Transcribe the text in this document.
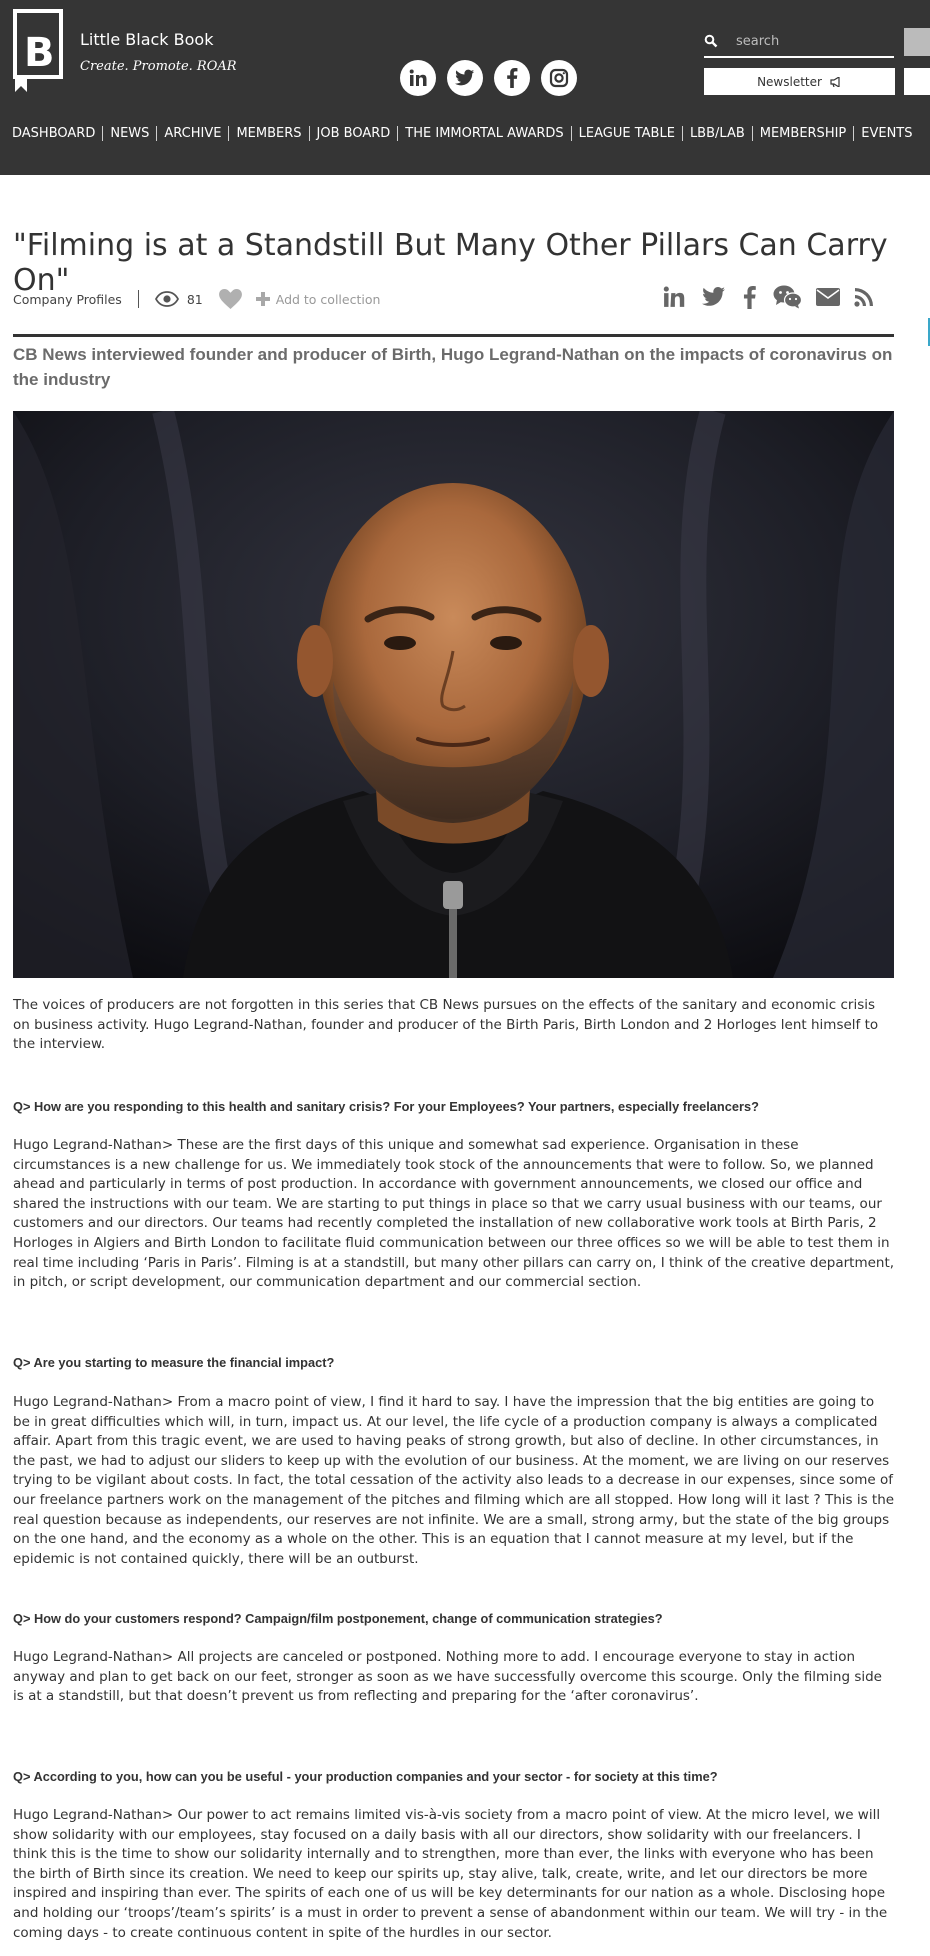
B Little Black Book
Create. Promote. ROAR
search
Newsletter
DASHBOARD	NEWS	ARCHIVE	MEMBERS	JOB BOARD	THE IMMORTAL AWARDS	LEAGUE TABLE	LBB/LAB	MEMBERSHIP	EVENTS
"Filming is at a Standstill But Many Other Pillars Can Carry On"
Company Profiles	81	Add to collection
CB News interviewed founder and producer of Birth, Hugo Legrand-Nathan on the impacts of coronavirus on the industry

The voices of producers are not forgotten in this series that CB News pursues on the effects of the sanitary and economic crisis on business activity. Hugo Legrand-Nathan, founder and producer of the Birth Paris, Birth London and 2 Horloges lent himself to the interview.

Q> How are you responding to this health and sanitary crisis? For your Employees? Your partners, especially freelancers?

Hugo Legrand-Nathan> These are the first days of this unique and somewhat sad experience. Organisation in these circumstances is a new challenge for us. We immediately took stock of the announcements that were to follow. So, we planned ahead and particularly in terms of post production. In accordance with government announcements, we closed our office and shared the instructions with our team. We are starting to put things in place so that we carry usual business with our teams, our customers and our directors. Our teams had recently completed the installation of new collaborative work tools at Birth Paris, 2 Horloges in Algiers and Birth London to facilitate fluid communication between our three offices so we will be able to test them in real time including ‘Paris in Paris’. Filming is at a standstill, but many other pillars can carry on, I think of the creative department, in pitch, or script development, our communication department and our commercial section.

Q> Are you starting to measure the financial impact?

Hugo Legrand-Nathan> From a macro point of view, I find it hard to say. I have the impression that the big entities are going to be in great difficulties which will, in turn, impact us. At our level, the life cycle of a production company is always a complicated affair. Apart from this tragic event, we are used to having peaks of strong growth, but also of decline. In other circumstances, in the past, we had to adjust our sliders to keep up with the evolution of our business. At the moment, we are living on our reserves trying to be vigilant about costs. In fact, the total cessation of the activity also leads to a decrease in our expenses, since some of our freelance partners work on the management of the pitches and filming which are all stopped. How long will it last ? This is the real question because as independents, our reserves are not infinite. We are a small, strong army, but the state of the big groups on the one hand, and the economy as a whole on the other. This is an equation that I cannot measure at my level, but if the epidemic is not contained quickly, there will be an outburst.

Q> How do your customers respond? Campaign/film postponement, change of communication strategies?

Hugo Legrand-Nathan> All projects are canceled or postponed. Nothing more to add. I encourage everyone to stay in action anyway and plan to get back on our feet, stronger as soon as we have successfully overcome this scourge. Only the filming side is at a standstill, but that doesn’t prevent us from reflecting and preparing for the ‘after coronavirus’.

Q> According to you, how can you be useful - your production companies and your sector - for society at this time?

Hugo Legrand-Nathan> Our power to act remains limited vis-à-vis society from a macro point of view. At the micro level, we will show solidarity with our employees, stay focused on a daily basis with all our directors, show solidarity with our freelancers. I think this is the time to show our solidarity internally and to strengthen, more than ever, the links with everyone who has been the birth of Birth since its creation. We need to keep our spirits up, stay alive, talk, create, write, and let our directors be more inspired and inspiring than ever. The spirits of each one of us will be key determinants for our nation as a whole. Disclosing hope and holding our ‘troops’/team’s spirits’ is a must in order to prevent a sense of abandonment within our team. We will try - in the coming days - to create continuous content in spite of the hurdles in our sector.
